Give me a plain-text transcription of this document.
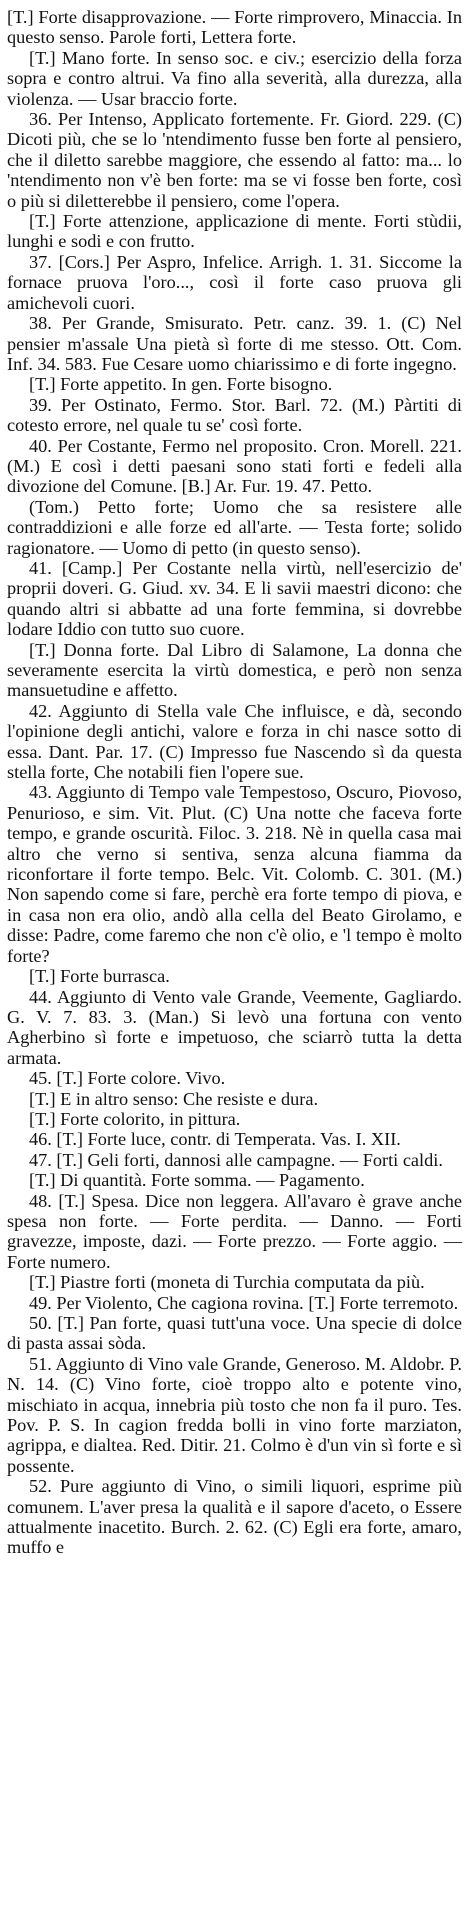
[T.] Forte disapprovazione. — Forte rimprovero, Minaccia. In questo senso. Parole forti, Lettera forte.

[T.] Mano forte. In senso soc. e civ.; esercizio della forza sopra e contro altrui. Va fino alla severità, alla durezza, alla violenza. — Usar braccio forte.

36. Per Intenso, Applicato fortemente. Fr. Giord. 229. (C) Dicoti più, che se lo 'ntendimento fusse ben forte al pensiero, che il diletto sarebbe maggiore, che essendo al fatto: ma... lo 'ntendimento non v'è ben forte: ma se vi fosse ben forte, così o più si diletterebbe il pensiero, come l'opera.

[T.] Forte attenzione, applicazione di mente. Forti stùdii, lunghi e sodi e con frutto.

37. [Cors.] Per Aspro, Infelice. Arrigh. 1. 31. Siccome la fornace pruova l'oro..., così il forte caso pruova gli amichevoli cuori.

38. Per Grande, Smisurato. Petr. canz. 39. 1. (C) Nel pensier m'assale Una pietà sì forte di me stesso. Ott. Com. Inf. 34. 583. Fue Cesare uomo chiarissimo e di forte ingegno.

[T.] Forte appetito. In gen. Forte bisogno.

39. Per Ostinato, Fermo. Stor. Barl. 72. (M.) Pàrtiti di cotesto errore, nel quale tu se' così forte.

40. Per Costante, Fermo nel proposito. Cron. Morell. 221. (M.) E così i detti paesani sono stati forti e fedeli alla divozione del Comune. [B.] Ar. Fur. 19. 47. Petto.

(Tom.) Petto forte; Uomo che sa resistere alle contraddizioni e alle forze ed all'arte. — Testa forte; solido ragionatore. — Uomo di petto (in questo senso).

41. [Camp.] Per Costante nella virtù, nell'esercizio de' proprii doveri. G. Giud. xv. 34. E li savii maestri dicono: che quando altri si abbatte ad una forte femmina, si dovrebbe lodare Iddio con tutto suo cuore.

[T.] Donna forte. Dal Libro di Salamone, La donna che severamente esercita la virtù domestica, e però non senza mansuetudine e affetto.

42. Aggiunto di Stella vale Che influisce, e dà, secondo l'opinione degli antichi, valore e forza in chi nasce sotto di essa. Dant. Par. 17. (C) Impresso fue Nascendo sì da questa stella forte, Che notabili fien l'opere sue.

43. Aggiunto di Tempo vale Tempestoso, Oscuro, Piovoso, Penurioso, e sim. Vit. Plut. (C) Una notte che faceva forte tempo, e grande oscurità. Filoc. 3. 218. Nè in quella casa mai altro che verno si sentiva, senza alcuna fiamma da riconfortare il forte tempo. Belc. Vit. Colomb. C. 301. (M.) Non sapendo come si fare, perchè era forte tempo di piova, e in casa non era olio, andò alla cella del Beato Girolamo, e disse: Padre, come faremo che non c'è olio, e 'l tempo è molto forte?

[T.] Forte burrasca.

44. Aggiunto di Vento vale Grande, Veemente, Gagliardo. G. V. 7. 83. 3. (Man.) Si levò una fortuna con vento Agherbino sì forte e impetuoso, che sciarrò tutta la detta armata.

45. [T.] Forte colore. Vivo.

[T.] E in altro senso: Che resiste e dura.

[T.] Forte colorito, in pittura.

46. [T.] Forte luce, contr. di Temperata. Vas. I. XII.

47. [T.] Geli forti, dannosi alle campagne. — Forti caldi.

[T.] Di quantità. Forte somma. — Pagamento.

48. [T.] Spesa. Dice non leggera. All'avaro è grave anche spesa non forte. — Forte perdita. — Danno. — Forti gravezze, imposte, dazi. — Forte prezzo. — Forte aggio. — Forte numero.

[T.] Piastre forti (moneta di Turchia computata da più.

49. Per Violento, Che cagiona rovina. [T.] Forte terremoto.

50. [T.] Pan forte, quasi tutt'una voce. Una specie di dolce di pasta assai sòda.

51. Aggiunto di Vino vale Grande, Generoso. M. Aldobr. P. N. 14. (C) Vino forte, cioè troppo alto e potente vino, mischiato in acqua, innebria più tosto che non fa il puro. Tes. Pov. P. S. In cagion fredda bolli in vino forte marziaton, agrippa, e dialtea. Red. Ditir. 21. Colmo è d'un vin sì forte e sì possente.

52. Pure aggiunto di Vino, o simili liquori, esprime più comunem. L'aver presa la qualità e il sapore d'aceto, o Essere attualmente inacetito. Burch. 2. 62. (C) Egli era forte, amaro, muffo e
